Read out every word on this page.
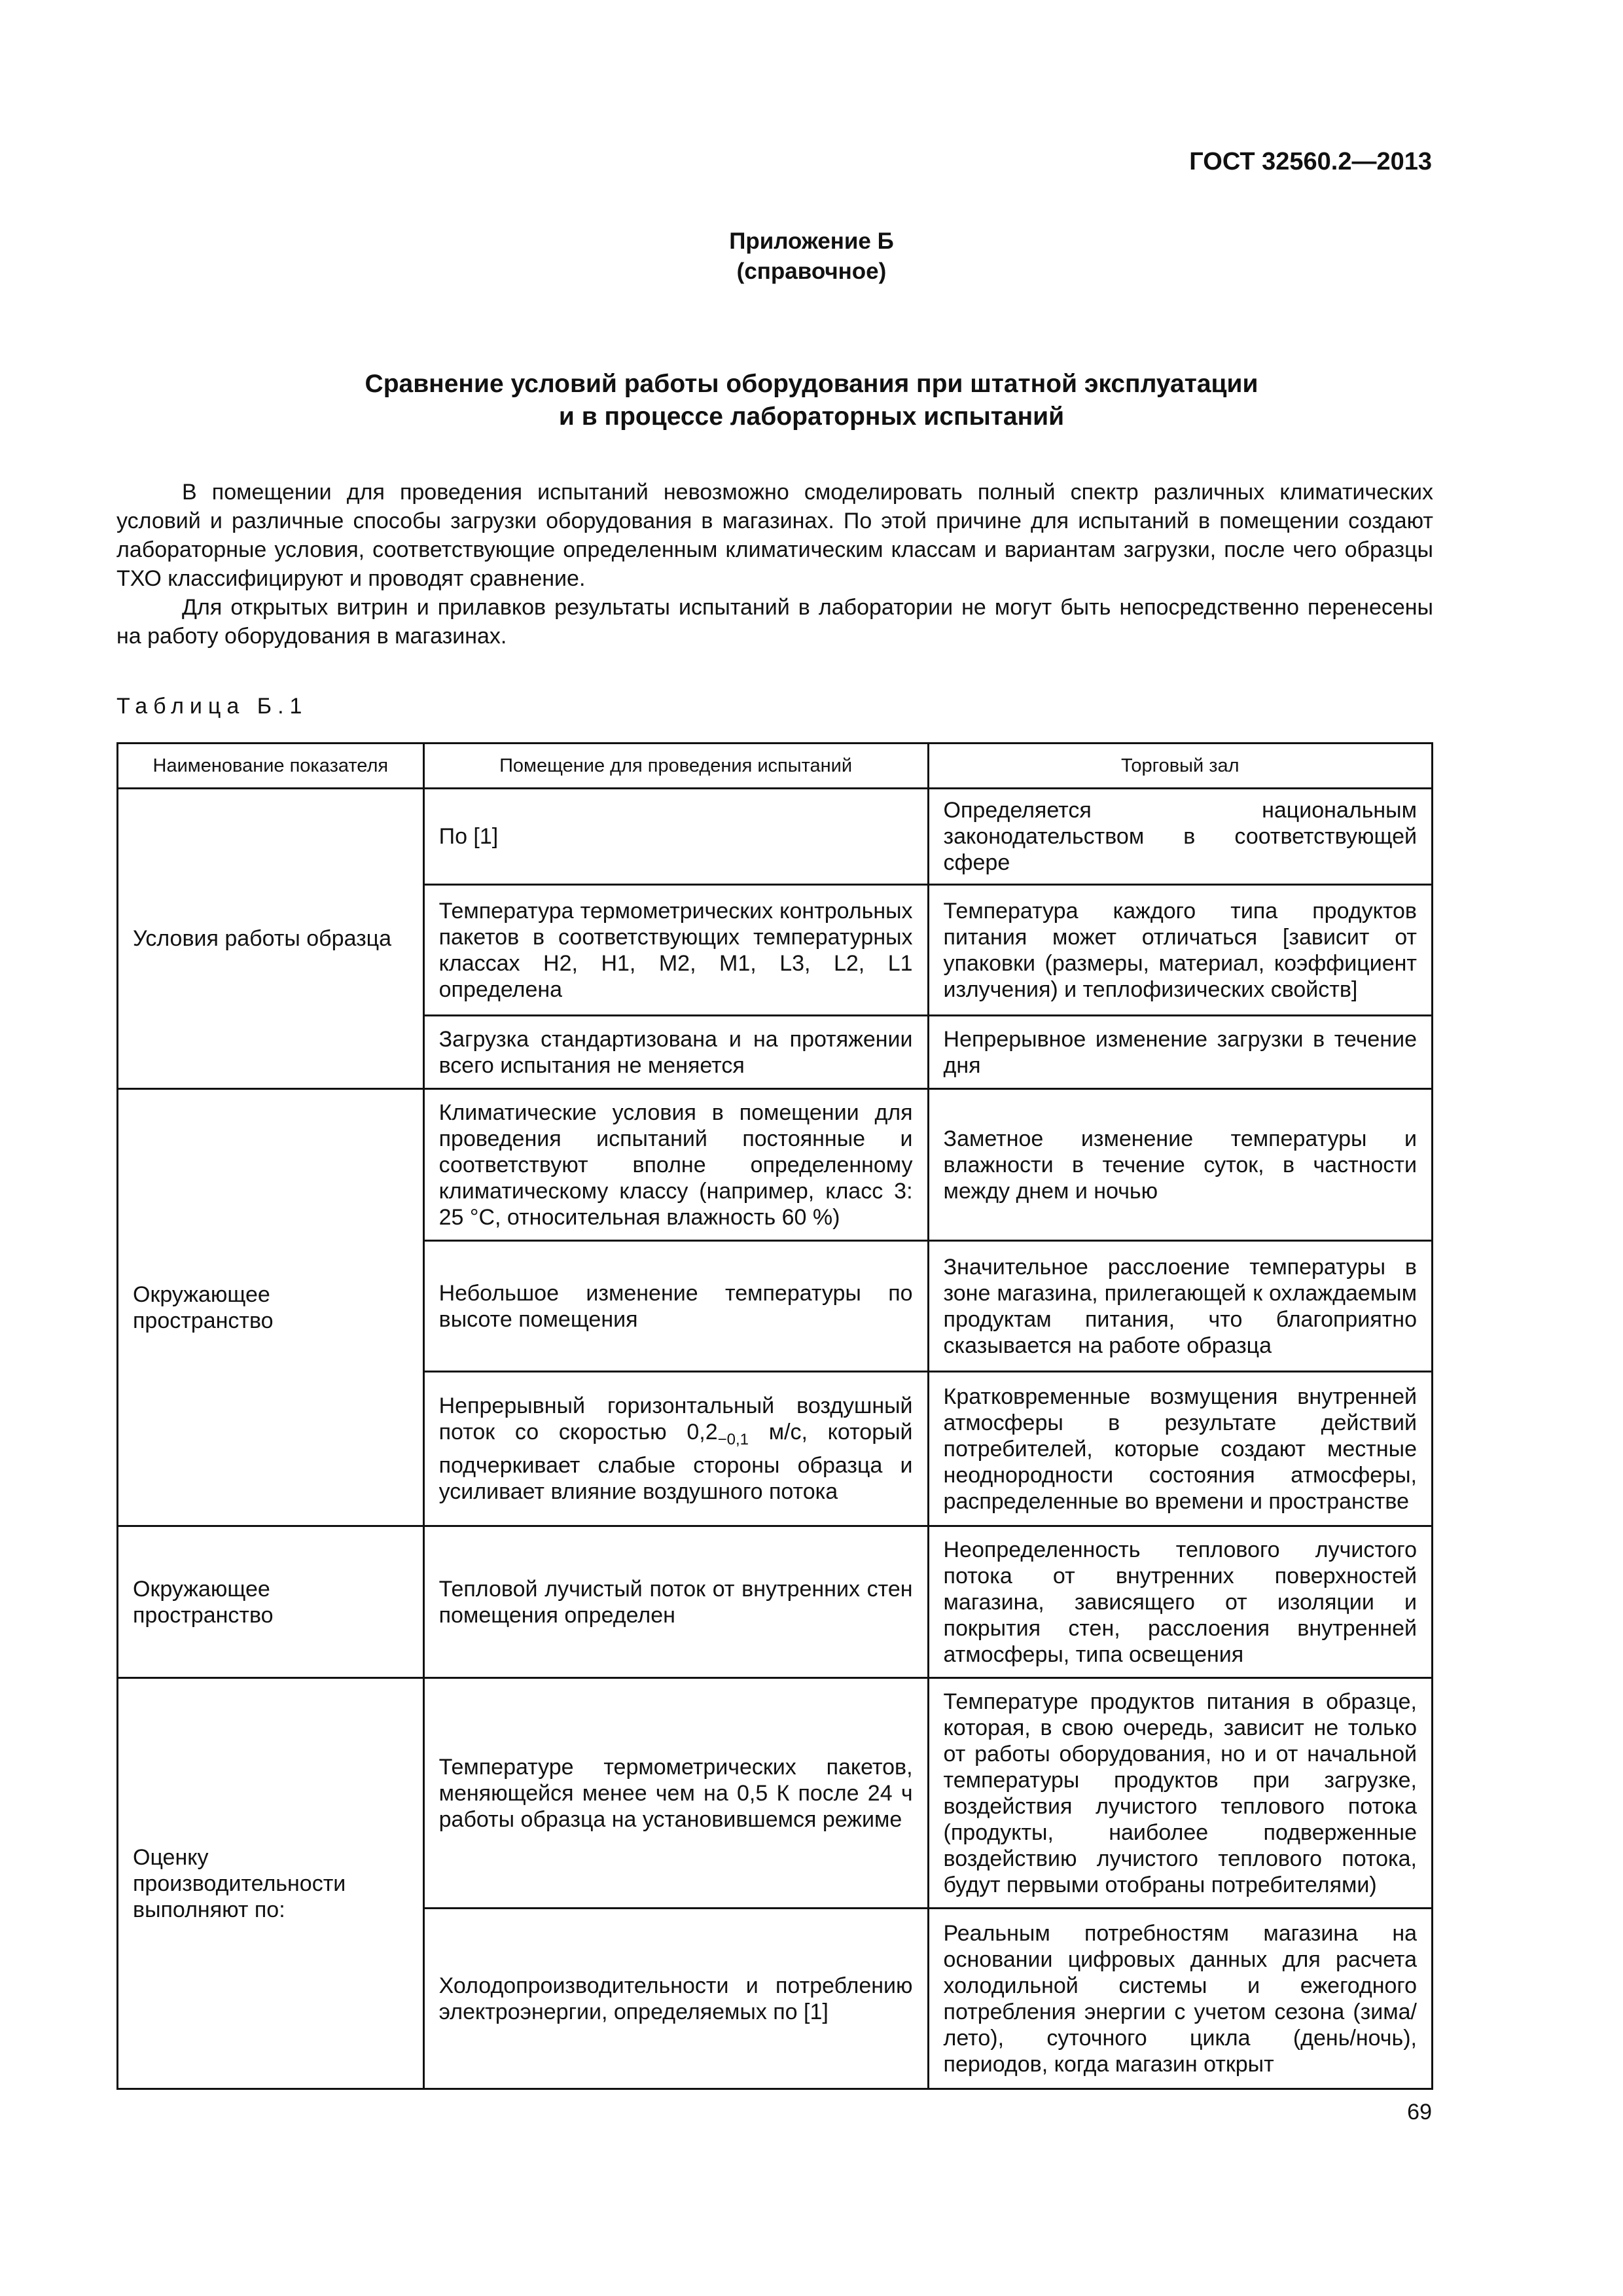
ГОСТ 32560.2—2013
Приложение Б
(справочное)
Сравнение условий работы оборудования при штатной эксплуатации
и в процессе лабораторных испытаний

В помещении для проведения испытаний невозможно смоделировать полный спектр различных климатических условий и различные способы загрузки оборудования в магазинах. По этой причине для испытаний в помещении создают лабораторные условия, соответствующие определенным климатическим классам и вариантам загрузки, после чего образцы ТХО классифицируют и проводят сравнение.

Для открытых витрин и прилавков результаты испытаний в лаборатории не могут быть непосредственно перенесены на работу оборудования в магазинах.

Таблица Б.1
Наименование показателя	Помещение для проведения испытаний	Торговый зал
Условия работы образца	По [1]	Определяется национальным законодательством в соответствующей сфере
	Температура термометрических контрольных пакетов в соответствующих температурных классах Н2, Н1, М2, М1, L3, L2, L1 определена	Температура каждого типа продуктов питания может отличаться [зависит от упаковки (размеры, материал, коэффициент излучения) и теплофизических свойств]
	Загрузка стандартизована и на протяжении всего испытания не меняется	Непрерывное изменение загрузки в течение дня
Окружающее пространство	Климатические условия в помещении для проведения испытаний постоянные и соответствуют вполне определенному климатическому классу (например, класс 3: 25 °C, относительная влажность 60 %)	Заметное изменение температуры и влажности в течение суток, в частности между днем и ночью
	Небольшое изменение температуры по высоте помещения	Значительное расслоение температуры в зоне магазина, прилегающей к охлаждаемым продуктам питания, что благоприятно сказывается на работе образца
	Непрерывный горизонтальный воздушный поток со скоростью $0,2_{-0,1}$ м/с, который подчеркивает слабые стороны образца и усиливает влияние воздушного потока	Кратковременные возмущения внутренней атмосферы в результате действий потребителей, которые создают местные неоднородности состояния атмосферы, распределенные во времени и пространстве
Окружающее пространство	Тепловой лучистый поток от внутренних стен помещения определен	Неопределенность теплового лучистого потока от внутренних поверхностей магазина, зависящего от изоляции и покрытия стен, расслоения внутренней атмосферы, типа освещения
Оценку производительности выполняют по:	Температуре термометрических пакетов, меняющейся менее чем на 0,5 К после 24 ч работы образца на установившемся режиме	Температуре продуктов питания в образце, которая, в свою очередь, зависит не только от работы оборудования, но и от начальной температуры продуктов при загрузке, воздействия лучистого теплового потока (продукты, наиболее подверженные воздействию лучистого теплового потока, будут первыми отобраны потребителями)
	Холодопроизводительности и потреблению электроэнергии, определяемых по [1]	Реальным потребностям магазина на основании цифровых данных для расчета холодильной системы и ежегодного потребления энергии с учетом сезона (зима/лето), суточного цикла (день/ночь), периодов, когда магазин открыт
69
